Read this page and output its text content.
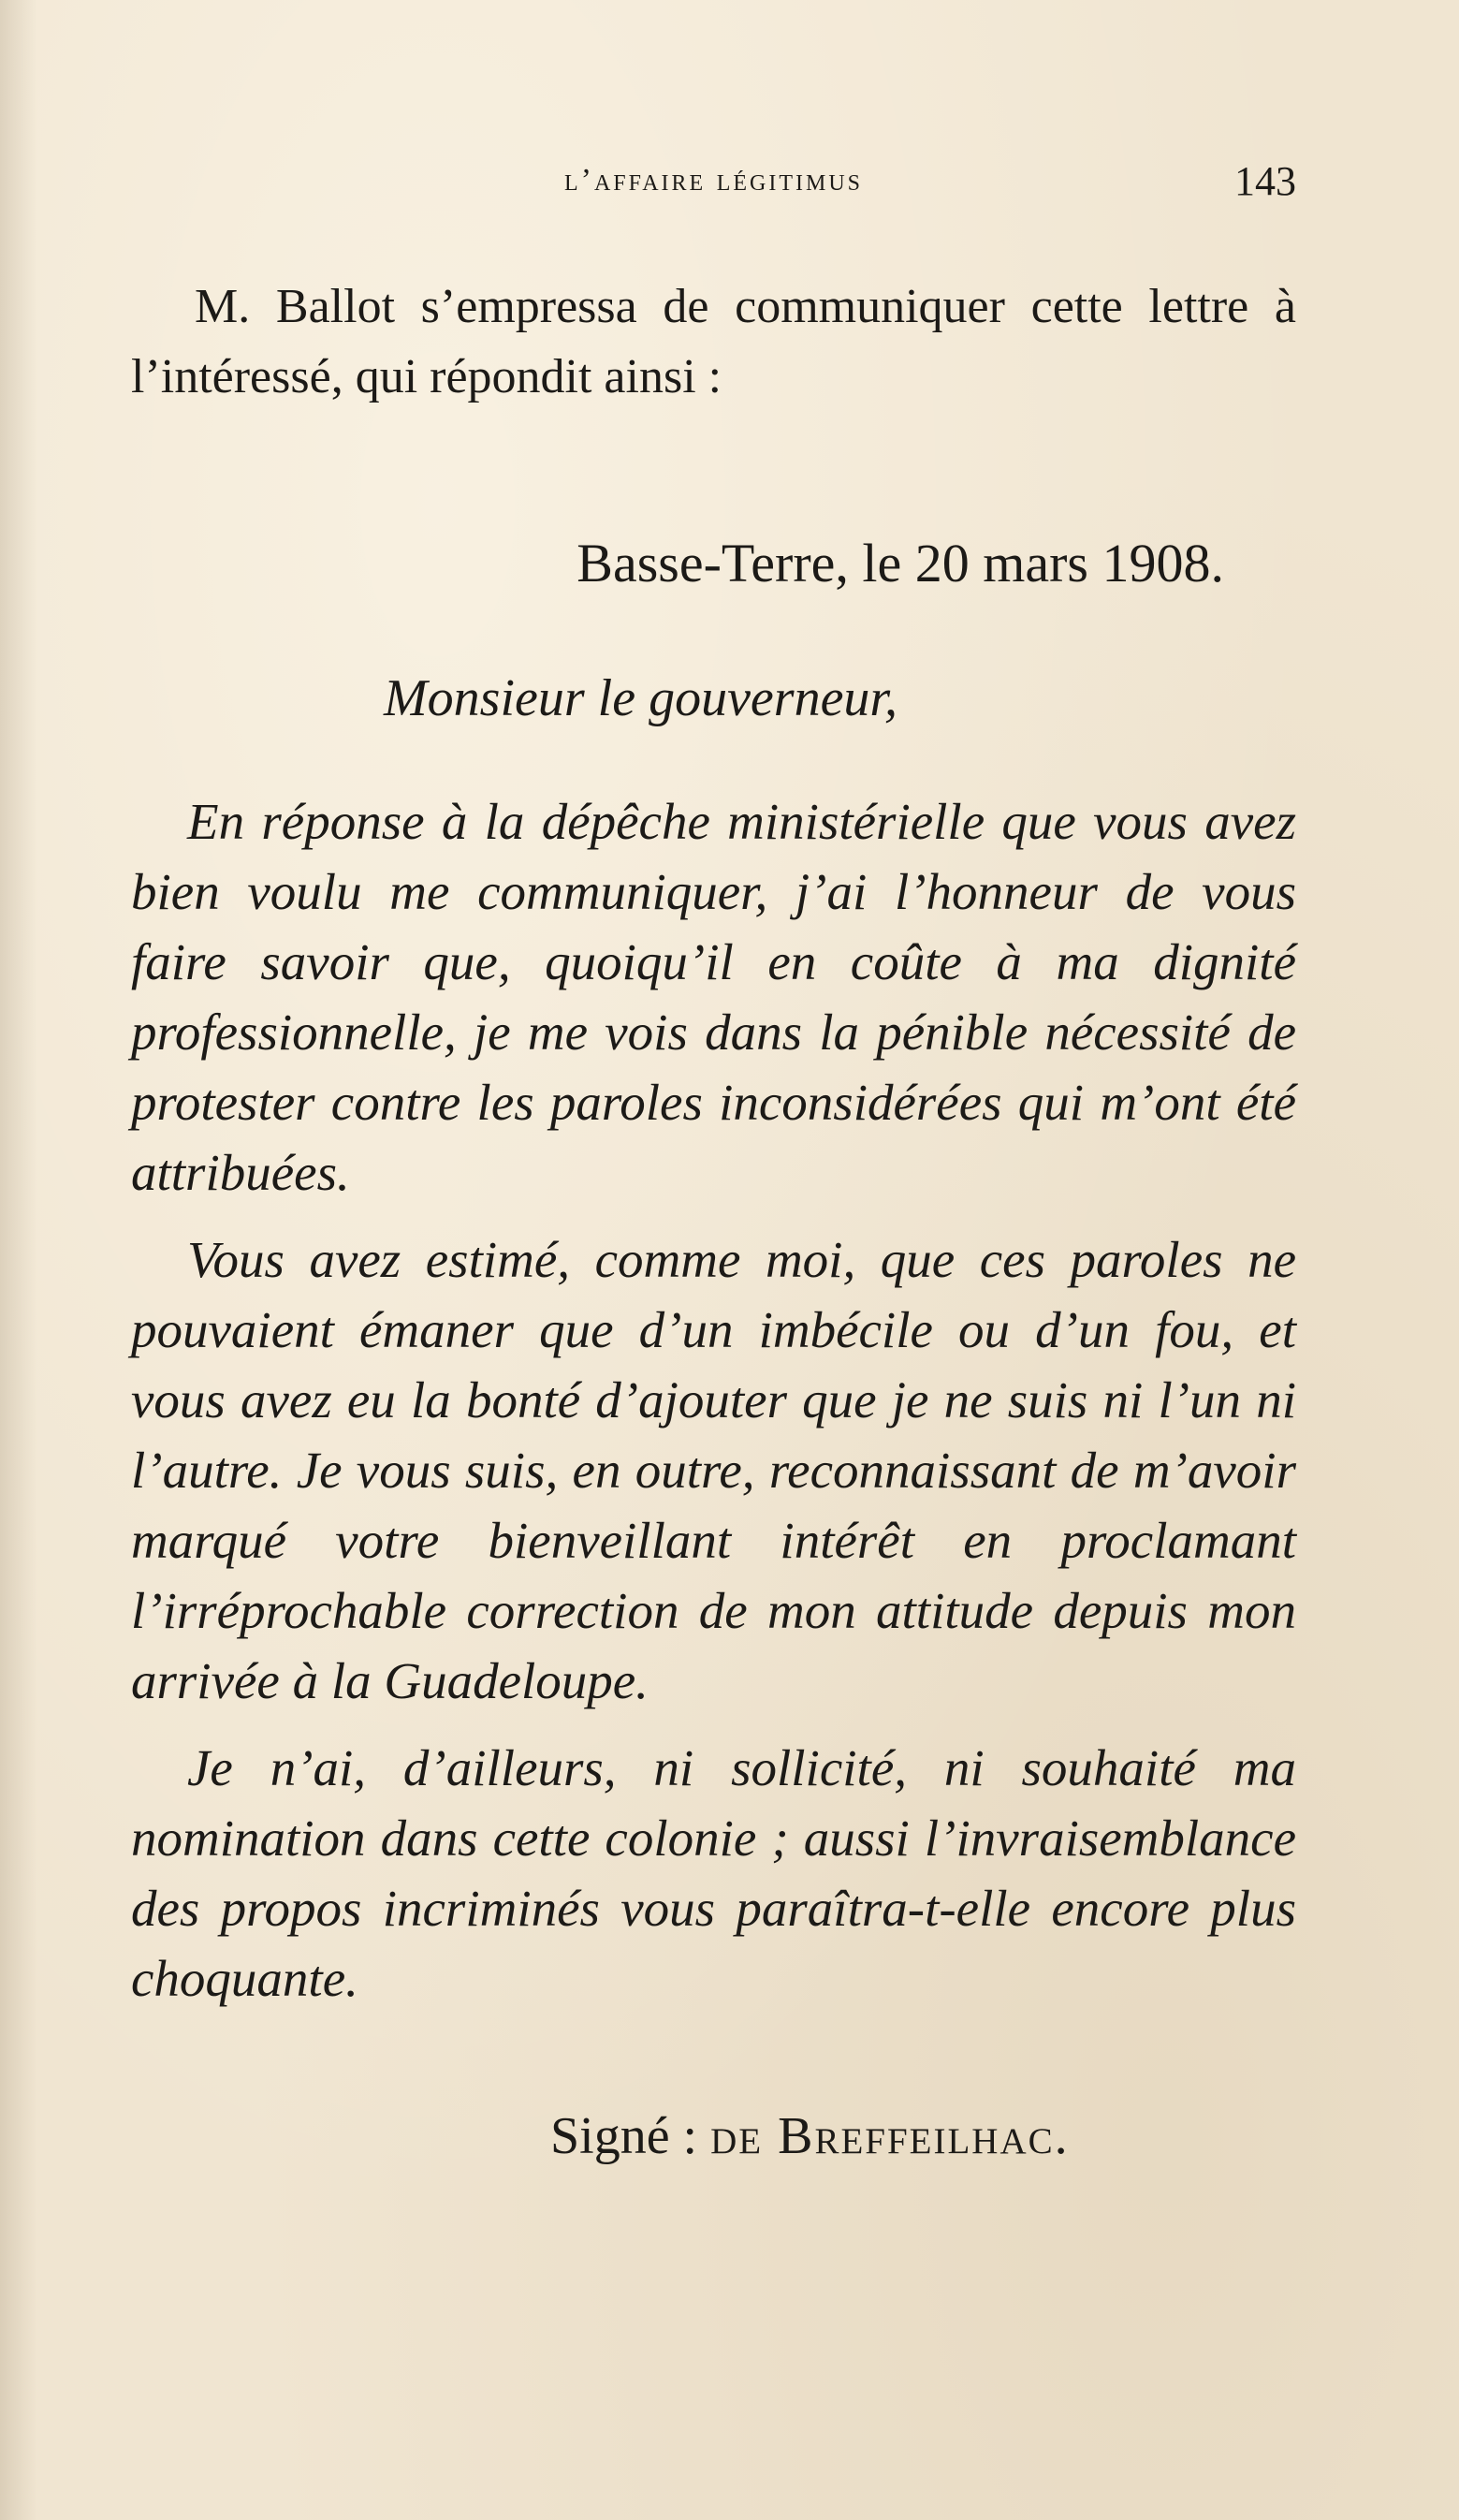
l’affaire légitimus	143

M. Ballot s’empressa de communiquer cette lettre à l’intéressé, qui répondit ainsi :

Basse-Terre, le 20 mars 1908.

Monsieur le gouverneur,

En réponse à la dépêche ministérielle que vous avez bien voulu me communiquer, j’ai l’honneur de vous faire savoir que, quoiqu’il en coûte à ma dignité professionnelle, je me vois dans la pénible nécessité de protester contre les paroles inconsidérées qui m’ont été attribuées.

Vous avez estimé, comme moi, que ces paroles ne pouvaient émaner que d’un imbécile ou d’un fou, et vous avez eu la bonté d’ajouter que je ne suis ni l’un ni l’autre. Je vous suis, en outre, reconnaissant de m’avoir marqué votre bienveillant intérêt en proclamant l’irréprochable correction de mon attitude depuis mon arrivée à la Guadeloupe.

Je n’ai, d’ailleurs, ni sollicité, ni souhaité ma nomination dans cette colonie ; aussi l’invraisemblance des propos incriminés vous paraîtra-t-elle encore plus choquante.

Signé : de Breffeilhac.
